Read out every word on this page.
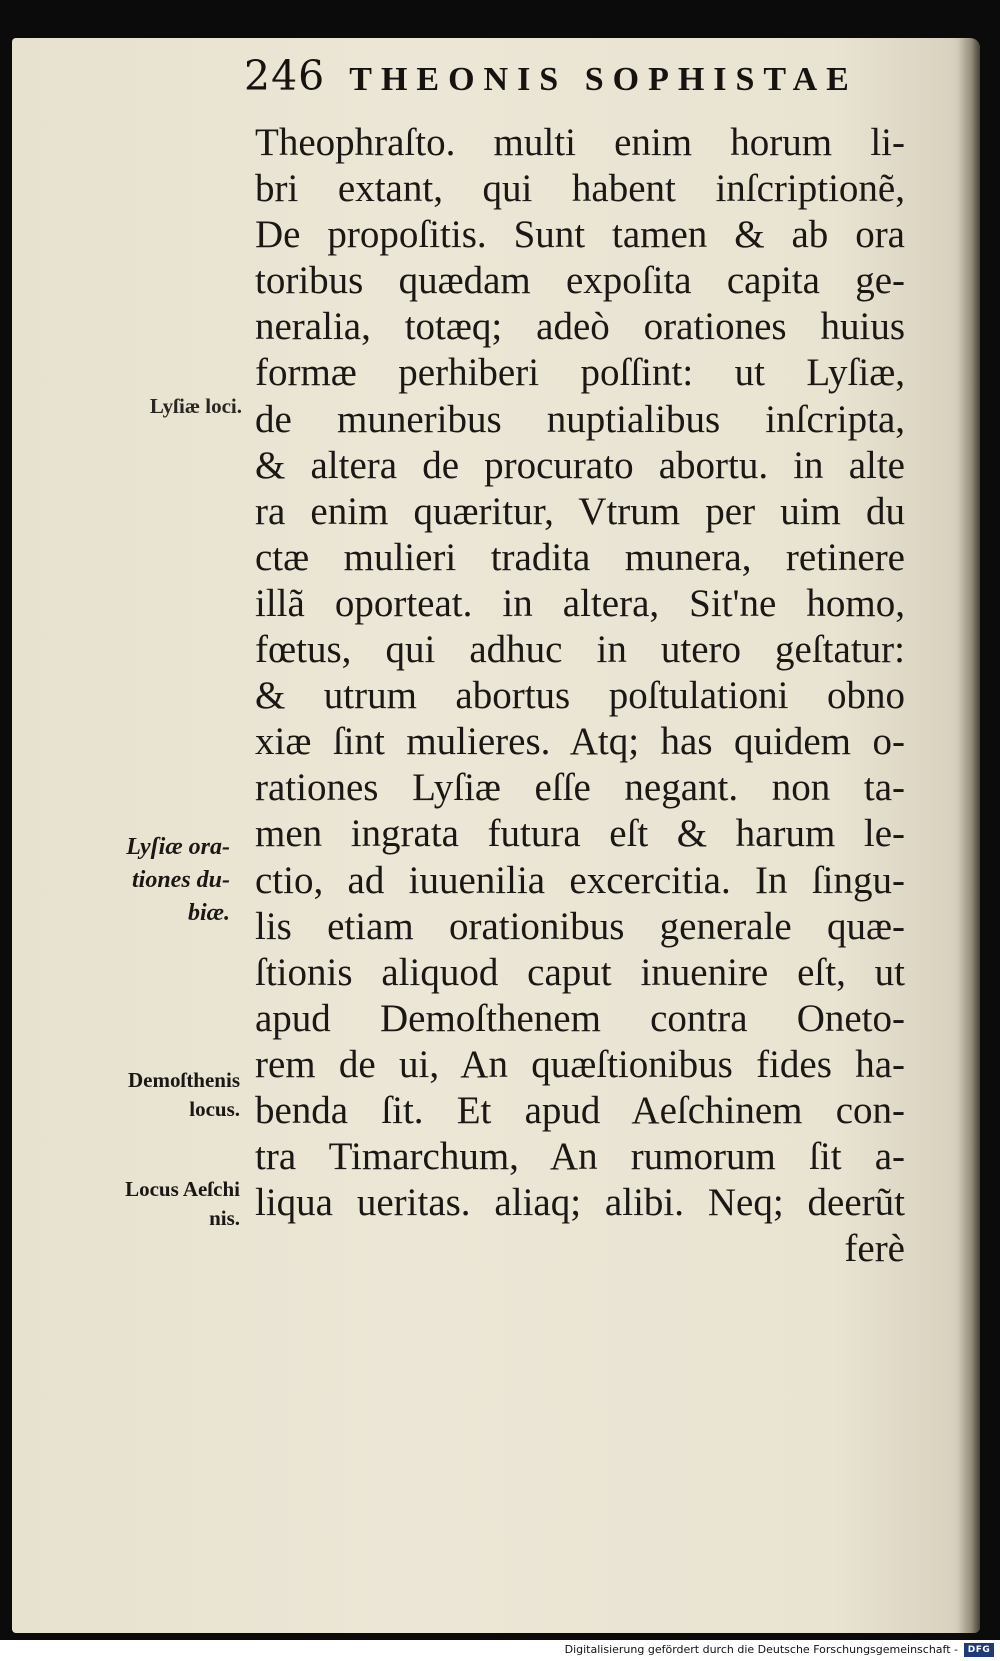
246 THEONIS SOPHISTAE
Theophraſto. multi enim horum li-
bri extant, qui habent inſcriptionẽ,
De propoſitis. Sunt tamen & ab ora
toribus quædam expoſita capita ge-
neralia, totæq; adeò orationes huius
formæ perhiberi poſſint: ut Lyſiæ,
de muneribus nuptialibus inſcripta,
& altera de procurato abortu. in alte
ra enim quæritur, Vtrum per uim du
ctæ mulieri tradita munera, retinere
illã oporteat. in altera, Sit'ne homo,
fœtus, qui adhuc in utero geſtatur:
& utrum abortus poſtulationi obno
xiæ ſint mulieres. Atq; has quidem o-
rationes Lyſiæ eſſe negant. non ta-
men ingrata futura eſt & harum le-
ctio, ad iuuenilia excercitia. In ſingu-
lis etiam orationibus generale quæ-
ſtionis aliquod caput inuenire eſt, ut
apud Demoſthenem contra Oneto-
rem de ui, An quæſtionibus fides ha-
benda ſit. Et apud Aeſchinem con-
tra Timarchum, An rumorum ſit a-
liqua ueritas. aliaq; alibi. Neq; deerũt
ferè
Lyſiæ loci.
Lyſiæ ora-
tiones du-
biæ.
Demoſthenis
locus.
Locus Aeſchi
nis.
Digitalisierung gefördert durch die Deutsche Forschungsgemeinschaft -	DFG
